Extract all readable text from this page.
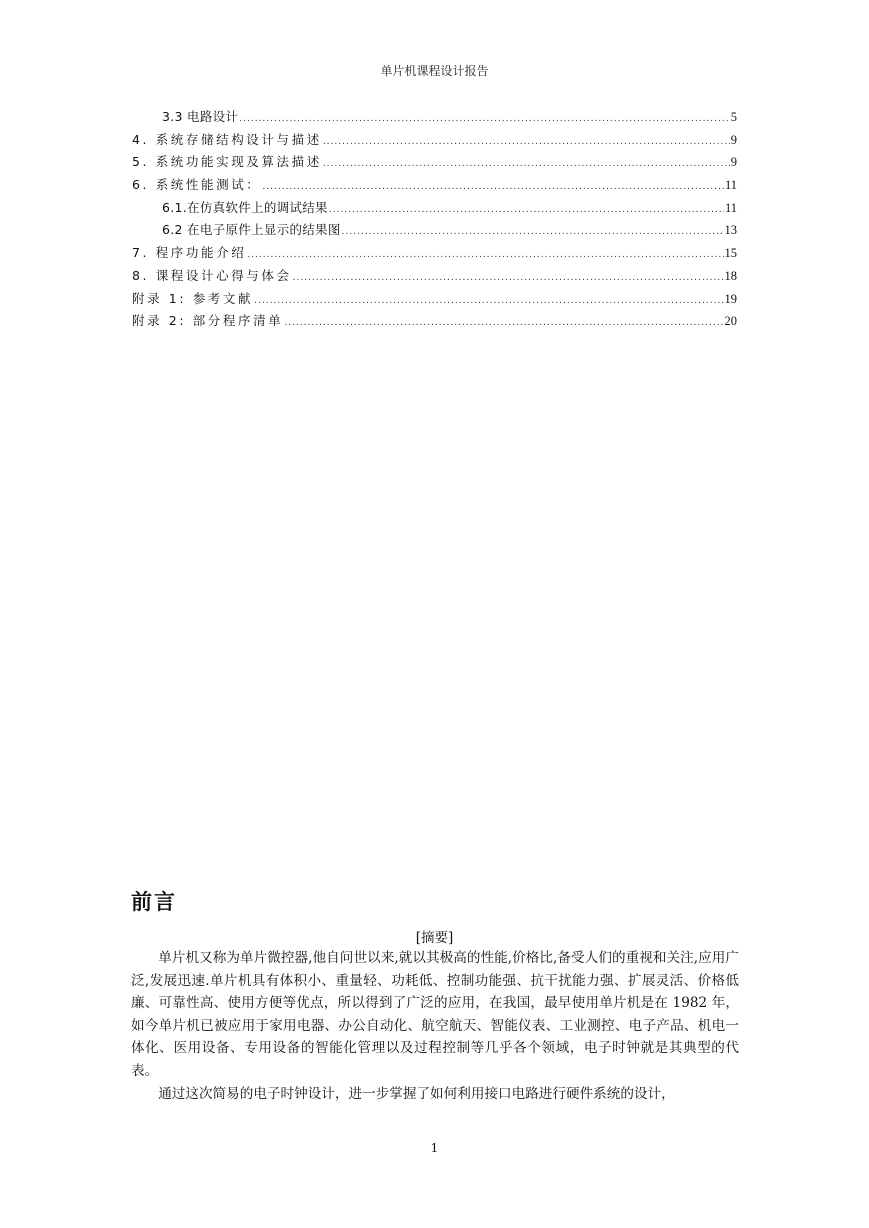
单片机课程设计报告
3.3 电路设计 .....	5
4. 系统存储结构设计与描述 .....	9
5. 系统功能实现及算法描述 .....	9
6. 系统性能测试： .....	11
6.1.在仿真软件上的调试结果 .....	11
6.2 在电子原件上显示的结果图 .....	13
7. 程序功能介绍 .....	15
8. 课程设计心得与体会 .....	18
附录 1: 参考文献 .....	19
附录 2: 部分程序清单 .....	20
前言
[摘要]

单片机又称为单片微控器,他自问世以来,就以其极高的性能,价格比,备受人们的重视和关注,应用广泛,发展迅速.单片机具有体积小、重量轻、功耗低、控制功能强、抗干扰能力强、扩展灵活、价格低廉、可靠性高、使用方便等优点，所以得到了广泛的应用，在我国，最早使用单片机是在 1982 年，如今单片机已被应用于家用电器、办公自动化、航空航天、智能仪表、工业测控、电子产品、机电一体化、医用设备、专用设备的智能化管理以及过程控制等几乎各个领域，电子时钟就是其典型的代表。

通过这次简易的电子时钟设计，进一步掌握了如何利用接口电路进行硬件系统的设计，

1
